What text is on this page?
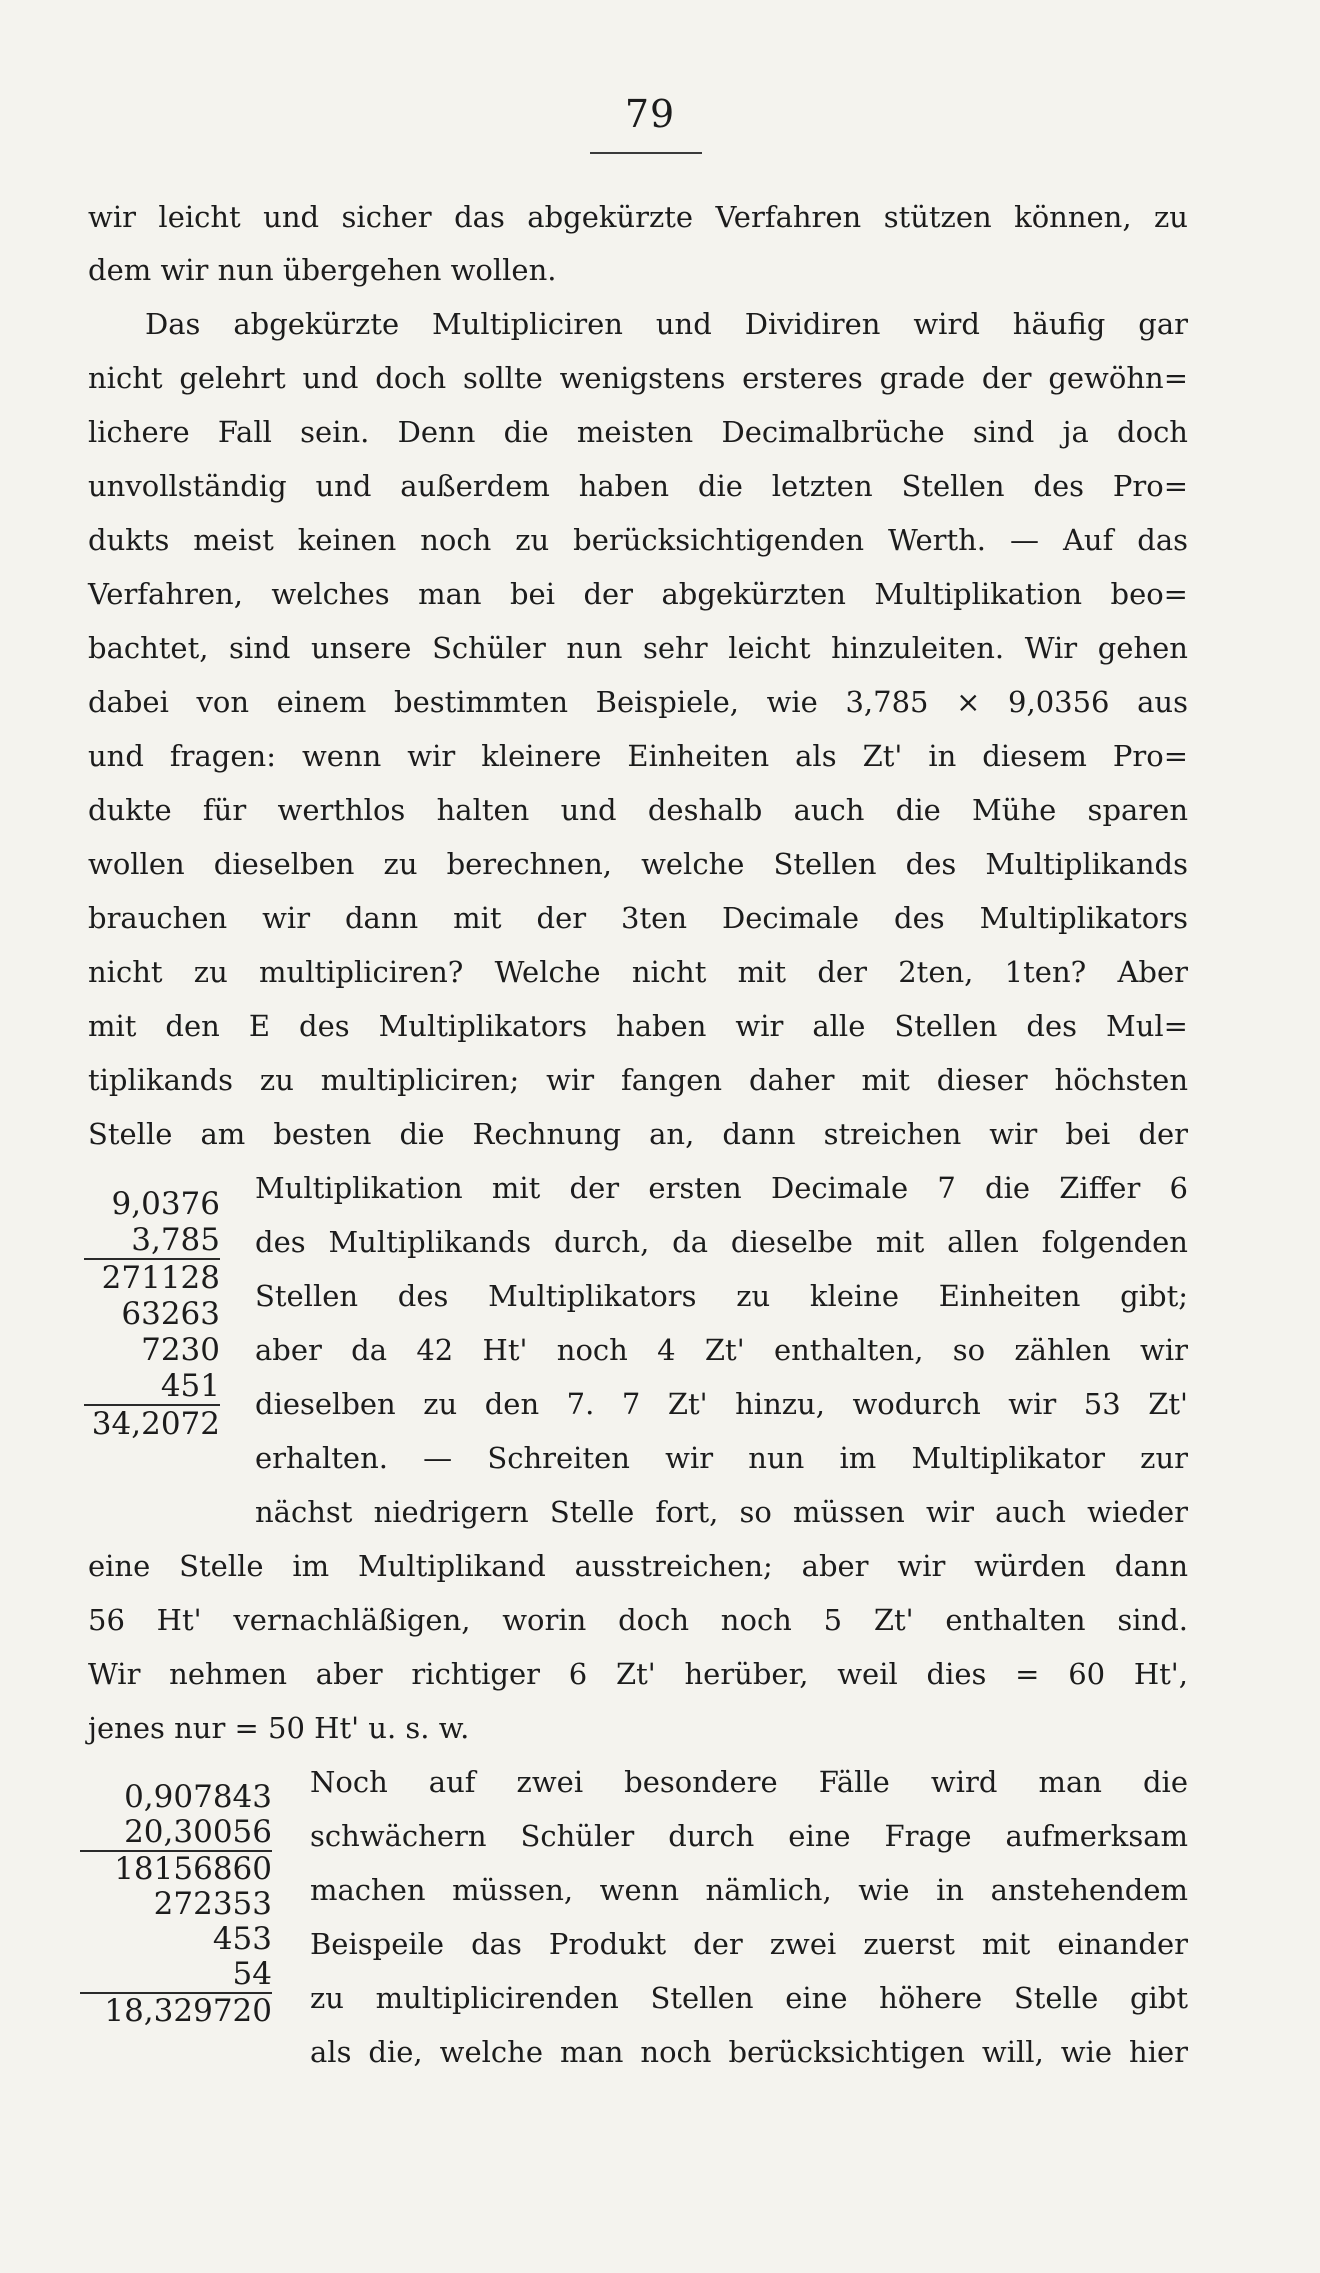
79
wir leicht und sicher das abgekürzte Verfahren stützen können, zu
dem wir nun übergehen wollen.
Das abgekürzte Multipliciren und Dividiren wird häufig gar
nicht gelehrt und doch sollte wenigstens ersteres grade der gewöhn=
lichere Fall sein. Denn die meisten Decimalbrüche sind ja doch
unvollständig und außerdem haben die letzten Stellen des Pro=
dukts meist keinen noch zu berücksichtigenden Werth. — Auf das
Verfahren, welches man bei der abgekürzten Multiplikation beo=
bachtet, sind unsere Schüler nun sehr leicht hinzuleiten. Wir gehen
dabei von einem bestimmten Beispiele, wie 3,785 × 9,0356 aus
und fragen: wenn wir kleinere Einheiten als Zt' in diesem Pro=
dukte für werthlos halten und deshalb auch die Mühe sparen
wollen dieselben zu berechnen, welche Stellen des Multiplikands
brauchen wir dann mit der 3ten Decimale des Multiplikators
nicht zu multipliciren? Welche nicht mit der 2ten, 1ten? Aber
mit den E des Multiplikators haben wir alle Stellen des Mul=
tiplikands zu multipliciren; wir fangen daher mit dieser höchsten
Stelle am besten die Rechnung an, dann streichen wir bei der
Multiplikation mit der ersten Decimale 7 die Ziffer 6
des Multiplikands durch, da dieselbe mit allen folgenden
Stellen des Multiplikators zu kleine Einheiten gibt;
aber da 42 Ht' noch 4 Zt' enthalten, so zählen wir
dieselben zu den 7. 7 Zt' hinzu, wodurch wir 53 Zt'
erhalten. — Schreiten wir nun im Multiplikator zur
nächst niedrigern Stelle fort, so müssen wir auch wieder
eine Stelle im Multiplikand ausstreichen; aber wir würden dann
56 Ht' vernachläßigen, worin doch noch 5 Zt' enthalten sind.
Wir nehmen aber richtiger 6 Zt' herüber, weil dies = 60 Ht',
jenes nur = 50 Ht' u. s. w.
Noch auf zwei besondere Fälle wird man die
schwächern Schüler durch eine Frage aufmerksam
machen müssen, wenn nämlich, wie in anstehendem
Beispeile das Produkt der zwei zuerst mit einander
zu multiplicirenden Stellen eine höhere Stelle gibt
als die, welche man noch berücksichtigen will, wie hier
9,0376
3,785
271128
63263
7230
451
34,2072
0,907843
20,30056
18156860
272353
453
54
18,329720
